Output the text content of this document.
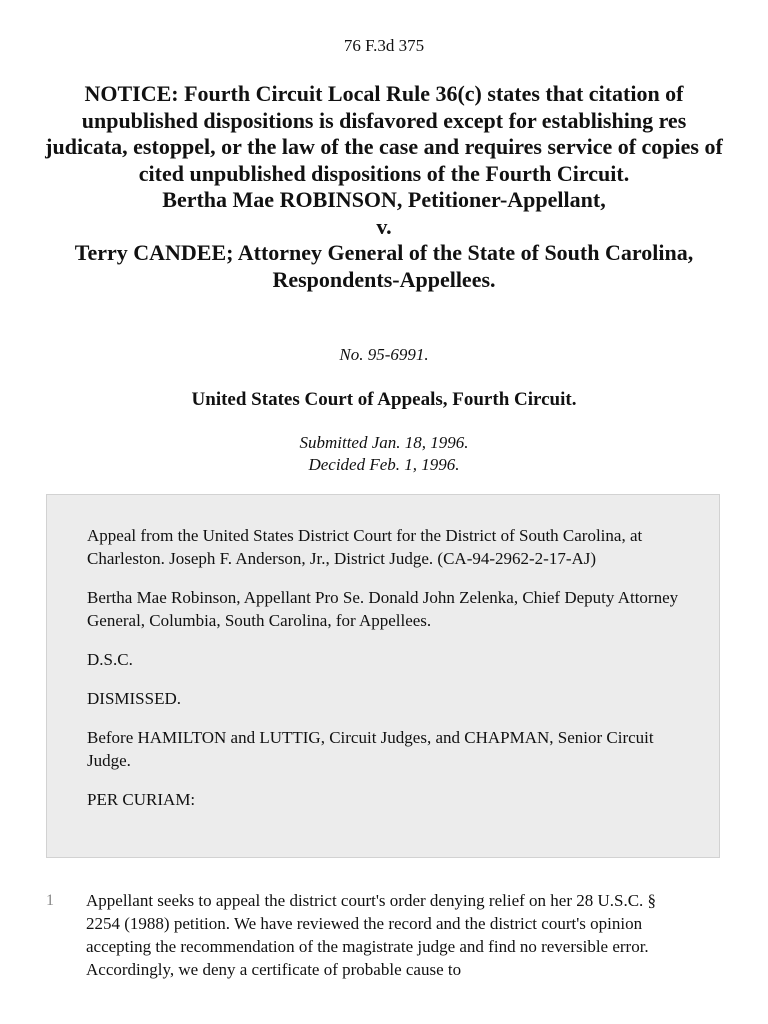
76 F.3d 375
NOTICE: Fourth Circuit Local Rule 36(c) states that citation of unpublished dispositions is disfavored except for establishing res judicata, estoppel, or the law of the case and requires service of copies of cited unpublished dispositions of the Fourth Circuit.
Bertha Mae ROBINSON, Petitioner-Appellant,
v.
Terry CANDEE; Attorney General of the State of South Carolina, Respondents-Appellees.
No. 95-6991.
United States Court of Appeals, Fourth Circuit.
Submitted Jan. 18, 1996.
Decided Feb. 1, 1996.

Appeal from the United States District Court for the District of South Carolina, at Charleston. Joseph F. Anderson, Jr., District Judge. (CA-94-2962-2-17-AJ)

Bertha Mae Robinson, Appellant Pro Se. Donald John Zelenka, Chief Deputy Attorney General, Columbia, South Carolina, for Appellees.

D.S.C.

DISMISSED.

Before HAMILTON and LUTTIG, Circuit Judges, and CHAPMAN, Senior Circuit Judge.

PER CURIAM:

1 Appellant seeks to appeal the district court's order denying relief on her 28 U.S.C. § 2254 (1988) petition. We have reviewed the record and the district court's opinion accepting the recommendation of the magistrate judge and find no reversible error. Accordingly, we deny a certificate of probable cause to
